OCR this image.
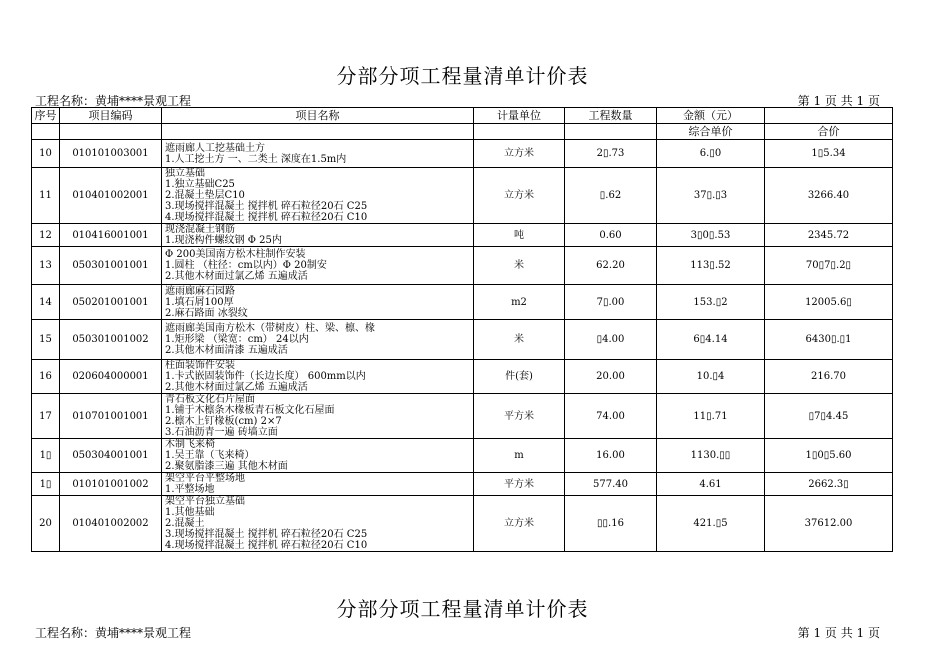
分部分项工程量清单计价表
工程名称：黄埔****景观工程	第 1 页 共 1 页
序号	项目编码	项目名称	计量单位	工程数量	金额（元）	
					综合单价	合价
10	010101003001	遮雨廊人工挖基础土方
1.人工挖土方 一、二类土 深度在1.5m内	立方米	2▯.73	6.▯0	1▯5.34
11	010401002001	独立基础
1.独立基础C25
2.混凝土垫层C10
3.现场搅拌混凝土 搅拌机 碎石粒径20石 C25
4.现场搅拌混凝土 搅拌机 碎石粒径20石 C10	立方米	▯.62	37▯.▯3	3266.40
12	010416001001	现浇混凝土钢筋
1.现浇构件螺纹钢 Φ 25内	吨	0.60	3▯0▯.53	2345.72
13	050301001001	Φ 200美国南方松木柱制作安装
1.圆柱 （柱径：cm以内）Φ 20制安
2.其他木材面过氯乙烯 五遍成活	米	62.20	113▯.52	70▯7▯.2▯
14	050201001001	遮雨廊麻石园路
1.填石屑100厚
2.麻石路面 冰裂纹	m2	7▯.00	153.▯2	12005.6▯
15	050301001002	遮雨廊美国南方松木（带树皮）柱、梁、檩、椽
1.矩形梁 （梁宽：cm） 24以内
2.其他木材面清漆 五遍成活	米	▯4.00	6▯4.14	6430▯.▯1
16	020604000001	柱面装饰件安装
1.卡式嵌固装饰件（长边长度） 600mm以内
2.其他木材面过氯乙烯 五遍成活	件(套)	20.00	10.▯4	216.70
17	010701001001	青石板文化石片屋面
1.铺于木檩条木椽板青石板文化石屋面
2.檩木上钉椽板(cm) 2×7
3.石油沥青一遍 砖墙立面	平方米	74.00	11▯.71	▯7▯4.45
1▯	050304001001	木制飞来椅
1.吴王靠（飞来椅）
2.聚氨脂漆三遍 其他木材面	m	16.00	1130.▯▯	1▯0▯5.60
1▯	010101001002	架空平台平整场地
1.平整场地	平方米	577.40	4.61	2662.3▯
20	010401002002	架空平台独立基础
1.其他基础
2.混凝土
3.现场搅拌混凝土 搅拌机 碎石粒径20石 C25
4.现场搅拌混凝土 搅拌机 碎石粒径20石 C10	立方米	▯▯.16	421.▯5	37612.00
分部分项工程量清单计价表
工程名称：黄埔****景观工程	第 1 页 共 1 页
